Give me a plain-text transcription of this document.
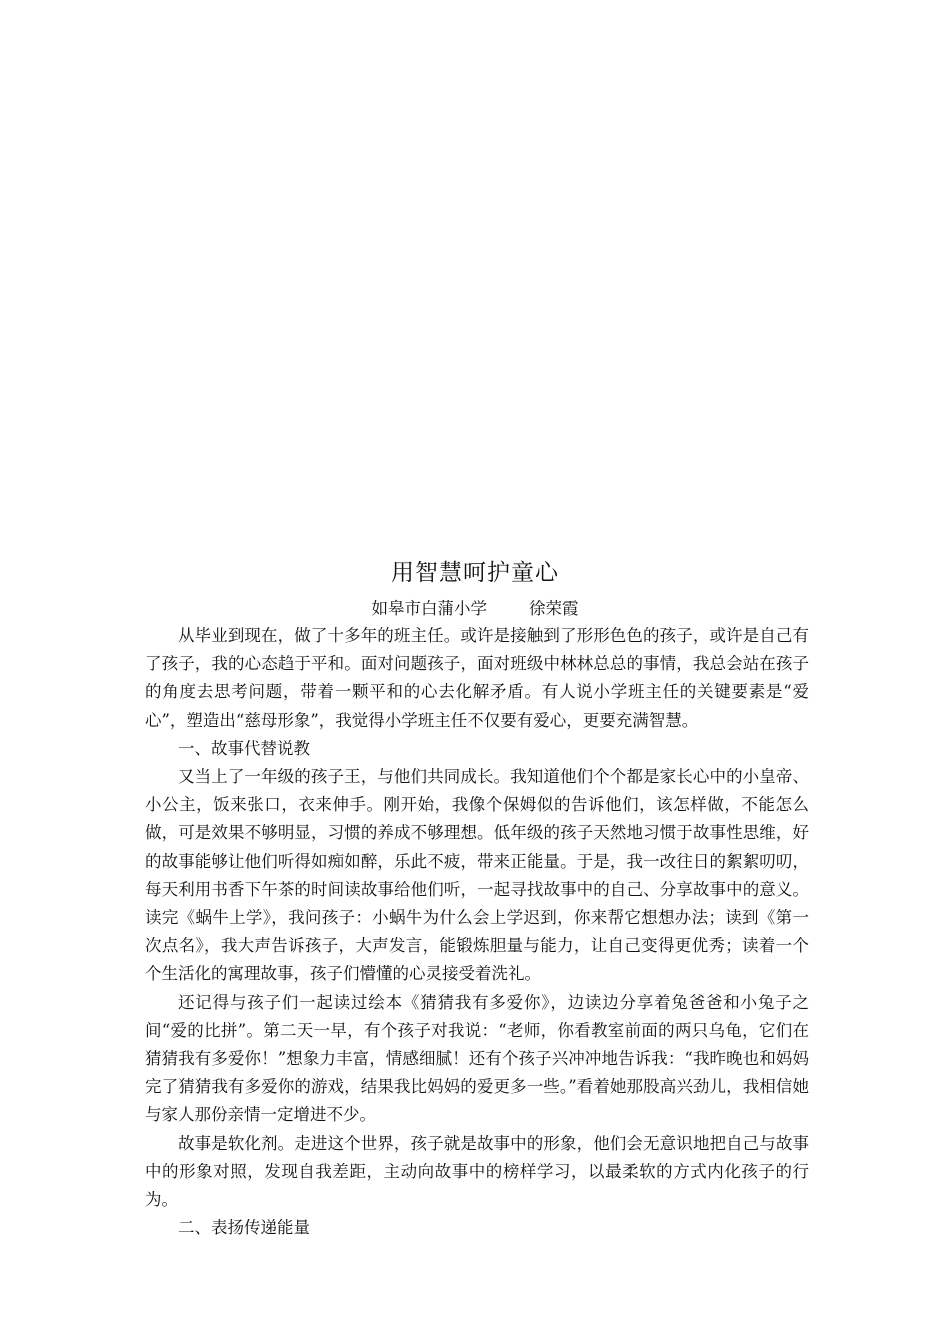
用智慧呵护童心

如皋市白蒲小学	徐荣霞

从毕业到现在，做了十多年的班主任。或许是接触到了形形色色的孩子，或许是自己有了孩子，我的心态趋于平和。面对问题孩子，面对班级中林林总总的事情，我总会站在孩子的角度去思考问题，带着一颗平和的心去化解矛盾。有人说小学班主任的关键要素是“爱心”，塑造出“慈母形象”，我觉得小学班主任不仅要有爱心，更要充满智慧。

一、故事代替说教

又当上了一年级的孩子王，与他们共同成长。我知道他们个个都是家长心中的小皇帝、小公主，饭来张口，衣来伸手。刚开始，我像个保姆似的告诉他们，该怎样做，不能怎么做，可是效果不够明显，习惯的养成不够理想。低年级的孩子天然地习惯于故事性思维，好的故事能够让他们听得如痴如醉，乐此不疲，带来正能量。于是，我一改往日的絮絮叨叨，每天利用书香下午茶的时间读故事给他们听，一起寻找故事中的自己、分享故事中的意义。读完《蜗牛上学》，我问孩子：小蜗牛为什么会上学迟到，你来帮它想想办法；读到《第一次点名》，我大声告诉孩子，大声发言，能锻炼胆量与能力，让自己变得更优秀；读着一个个生活化的寓理故事，孩子们懵懂的心灵接受着洗礼。

还记得与孩子们一起读过绘本《猜猜我有多爱你》，边读边分享着兔爸爸和小兔子之间“爱的比拼”。第二天一早，有个孩子对我说：“老师，你看教室前面的两只乌龟，它们在猜猜我有多爱你！”想象力丰富，情感细腻！还有个孩子兴冲冲地告诉我：“我昨晚也和妈妈完了猜猜我有多爱你的游戏，结果我比妈妈的爱更多一些。”看着她那股高兴劲儿，我相信她与家人那份亲情一定增进不少。

故事是软化剂。走进这个世界，孩子就是故事中的形象，他们会无意识地把自己与故事中的形象对照，发现自我差距，主动向故事中的榜样学习，以最柔软的方式内化孩子的行为。

二、表扬传递能量
